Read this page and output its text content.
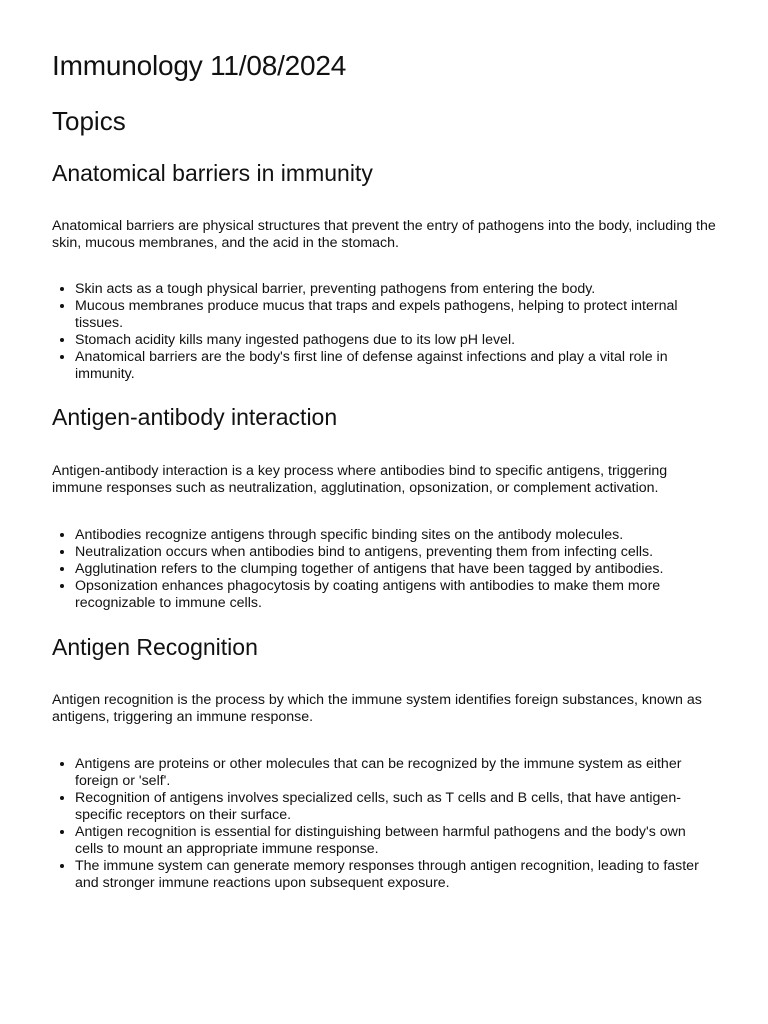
Immunology 11/08/2024
Topics
Anatomical barriers in immunity

Anatomical barriers are physical structures that prevent the entry of pathogens into the body, including the skin, mucous membranes, and the acid in the stomach.

• Skin acts as a tough physical barrier, preventing pathogens from entering the body.
• Mucous membranes produce mucus that traps and expels pathogens, helping to protect internal tissues.
• Stomach acidity kills many ingested pathogens due to its low pH level.
• Anatomical barriers are the body's first line of defense against infections and play a vital role in immunity.
Antigen-antibody interaction

Antigen-antibody interaction is a key process where antibodies bind to specific antigens, triggering immune responses such as neutralization, agglutination, opsonization, or complement activation.

• Antibodies recognize antigens through specific binding sites on the antibody molecules.
• Neutralization occurs when antibodies bind to antigens, preventing them from infecting cells.
• Agglutination refers to the clumping together of antigens that have been tagged by antibodies.
• Opsonization enhances phagocytosis by coating antigens with antibodies to make them more recognizable to immune cells.
Antigen Recognition

Antigen recognition is the process by which the immune system identifies foreign substances, known as antigens, triggering an immune response.

• Antigens are proteins or other molecules that can be recognized by the immune system as either foreign or 'self'.
• Recognition of antigens involves specialized cells, such as T cells and B cells, that have antigen-specific receptors on their surface.
• Antigen recognition is essential for distinguishing between harmful pathogens and the body's own cells to mount an appropriate immune response.
• The immune system can generate memory responses through antigen recognition, leading to faster and stronger immune reactions upon subsequent exposure.
